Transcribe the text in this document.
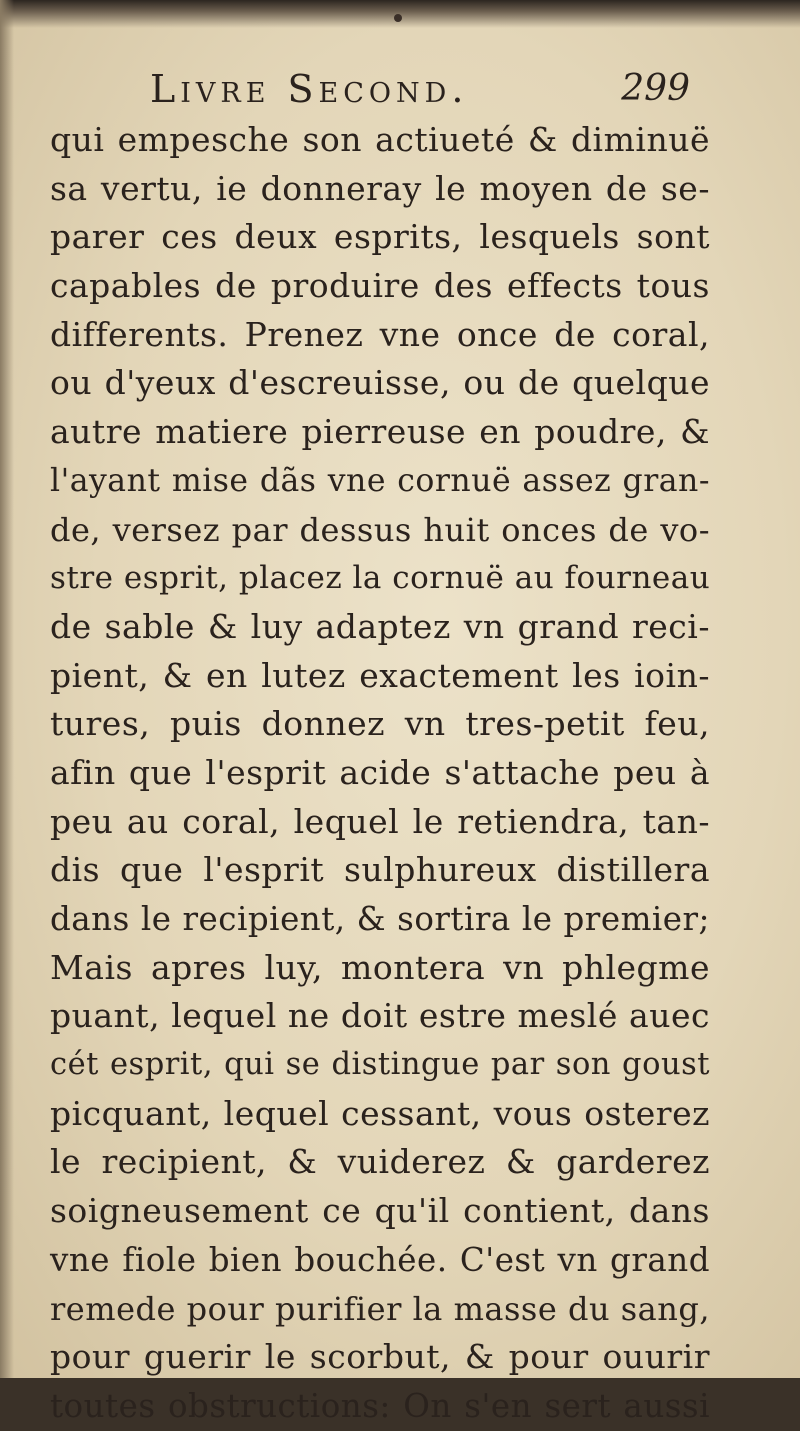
Livre Second.	299
qui empesche son actiueté & diminuë
sa vertu, ie donneray le moyen de se-
parer ces deux esprits, lesquels sont
capables de produire des effects tous
differents. Prenez vne once de coral,
ou d'yeux d'escreuisse, ou de quelque
autre matiere pierreuse en poudre, &
l'ayant mise dãs vne cornuë assez gran-
de, versez par dessus huit onces de vo-
stre esprit, placez la cornuë au fourneau
de sable & luy adaptez vn grand reci-
pient, & en lutez exactement les ioin-
tures, puis donnez vn tres-petit feu,
afin que l'esprit acide s'attache peu à
peu au coral, lequel le retiendra, tan-
dis que l'esprit sulphureux distillera
dans le recipient, & sortira le premier;
Mais apres luy, montera vn phlegme
puant, lequel ne doit estre meslé auec
cét esprit, qui se distingue par son goust
picquant, lequel cessant, vous osterez
le recipient, & vuiderez & garderez
soigneusement ce qu'il contient, dans
vne fiole bien bouchée. C'est vn grand
remede pour purifier la masse du sang,
pour guerir le scorbut, & pour ouurir
toutes obstructions: On s'en sert aussi
